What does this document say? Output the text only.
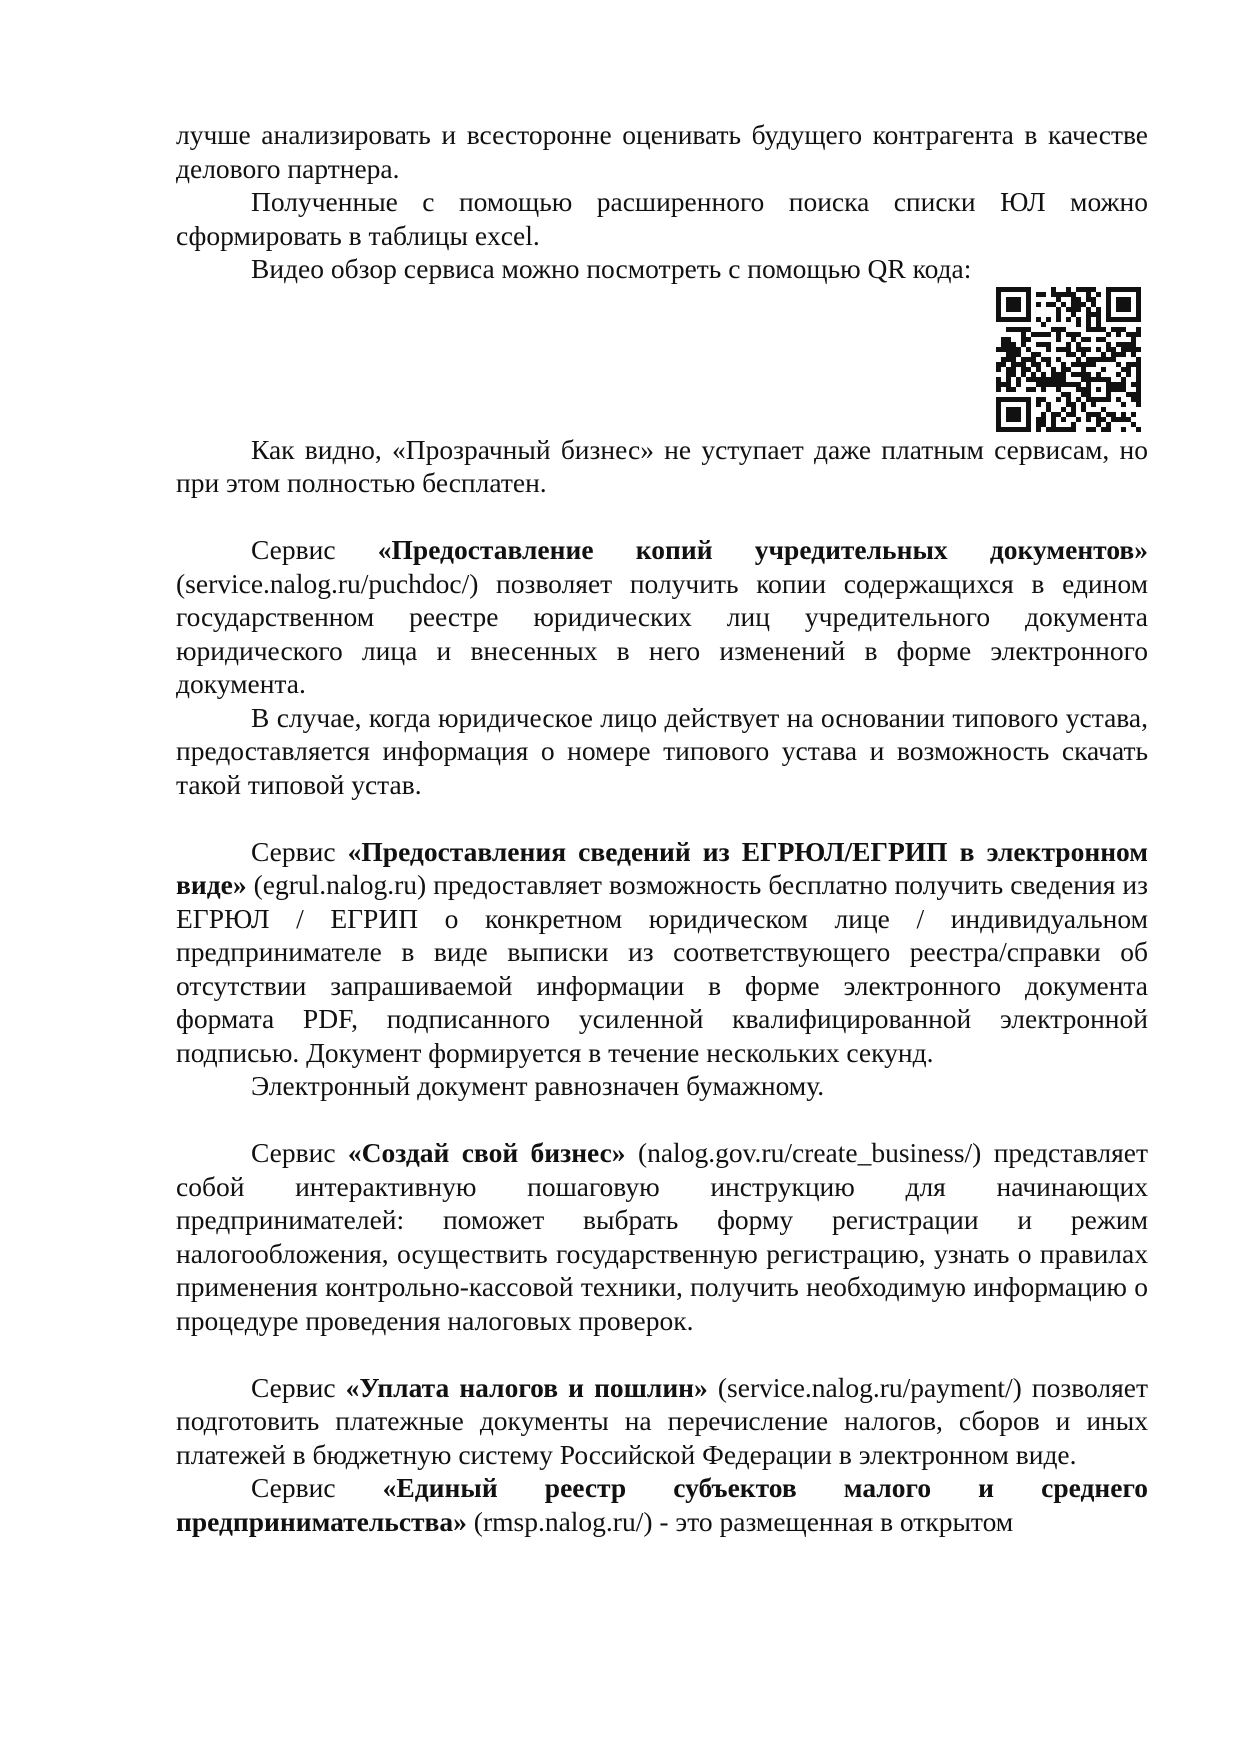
лучше анализировать и всесторонне оценивать будущего контрагента в качестве делового партнера.

Полученные с помощью расширенного поиска списки ЮЛ можно сформировать в таблицы excel.

Видео обзор сервиса можно посмотреть с помощью QR кода:

Как видно, «Прозрачный бизнес» не уступает даже платным сервисам, но при этом полностью бесплатен.

Сервис «Предоставление копий учредительных документов» (service.nalog.ru/puchdoc/) позволяет получить копии содержащихся в едином государственном реестре юридических лиц учредительного документа юридического лица и внесенных в него изменений в форме электронного документа.

В случае, когда юридическое лицо действует на основании типового устава, предоставляется информация о номере типового устава и возможность скачать такой типовой устав.

Сервис «Предоставления сведений из ЕГРЮЛ/ЕГРИП в электронном виде» (egrul.nalog.ru) предоставляет возможность бесплатно получить сведения из ЕГРЮЛ / ЕГРИП о конкретном юридическом лице / индивидуальном предпринимателе в виде выписки из соответствующего реестра/справки об отсутствии запрашиваемой информации в форме электронного документа формата PDF, подписанного усиленной квалифицированной электронной подписью. Документ формируется в течение нескольких секунд.

Электронный документ равнозначен бумажному.

Сервис «Создай свой бизнес» (nalog.gov.ru/create_business/) представляет собой интерактивную пошаговую инструкцию для начинающих предпринимателей: поможет выбрать форму регистрации и режим налогообложения, осуществить государственную регистрацию, узнать о правилах применения контрольно-кассовой техники, получить необходимую информацию о процедуре проведения налоговых проверок.

Сервис «Уплата налогов и пошлин» (service.nalog.ru/payment/) позволяет подготовить платежные документы на перечисление налогов, сборов и иных платежей в бюджетную систему Российской Федерации в электронном виде.

Сервис «Единый реестр субъектов малого и среднего предпринимательства» (rmsp.nalog.ru/) - это размещенная в открытом
